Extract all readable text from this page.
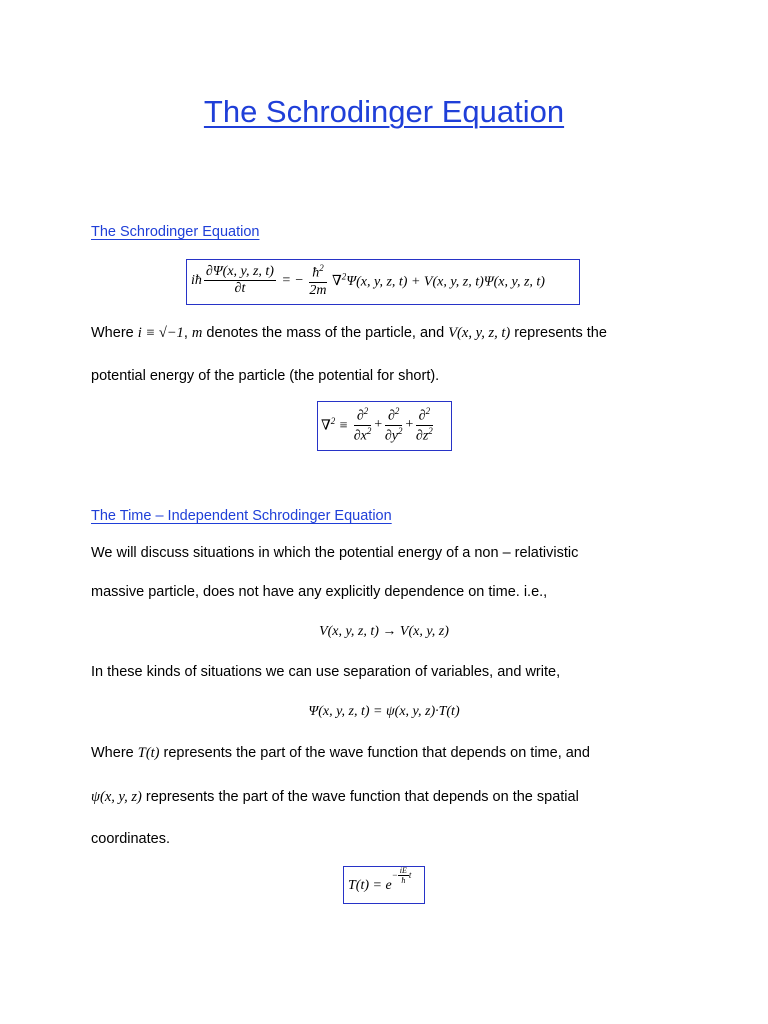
The Schrodinger Equation
The Schrodinger Equation
iħ $\frac{\partial\Psi(x, y, z, t)}{\partial t}$ = − $\frac{ħ^2}{2m} \nabla^2\Psi(x$, y, z, t) + V(x, y, z, t)Ψ(x, y, z, t)
Where i ≡ √−1, m denotes the mass of the particle, and V(x, y, z, t) represents the
potential energy of the particle (the potential for short).
$\nabla^2 \equiv \frac{\partial^2}{\partial x^2} + \frac{\partial^2}{\partial y^2} + \frac{\partial^2}{\partial z^2}$
The Time – Independent Schrodinger Equation
We will discuss situations in which the potential energy of a non – relativistic
massive particle, does not have any explicitly dependence on time. i.e.,
V(x, y, z, t) → V(x, y, z)
In these kinds of situations we can use separation of variables, and write,
Ψ(x, y, z, t) = ψ(x, y, z)·T(t)
Where T(t) represents the part of the wave function that depends on time, and
ψ(x, y, z) represents the part of the wave function that depends on the spatial
coordinates.
$T(t) = e^{- \frac{iE}{ħ} t}$
